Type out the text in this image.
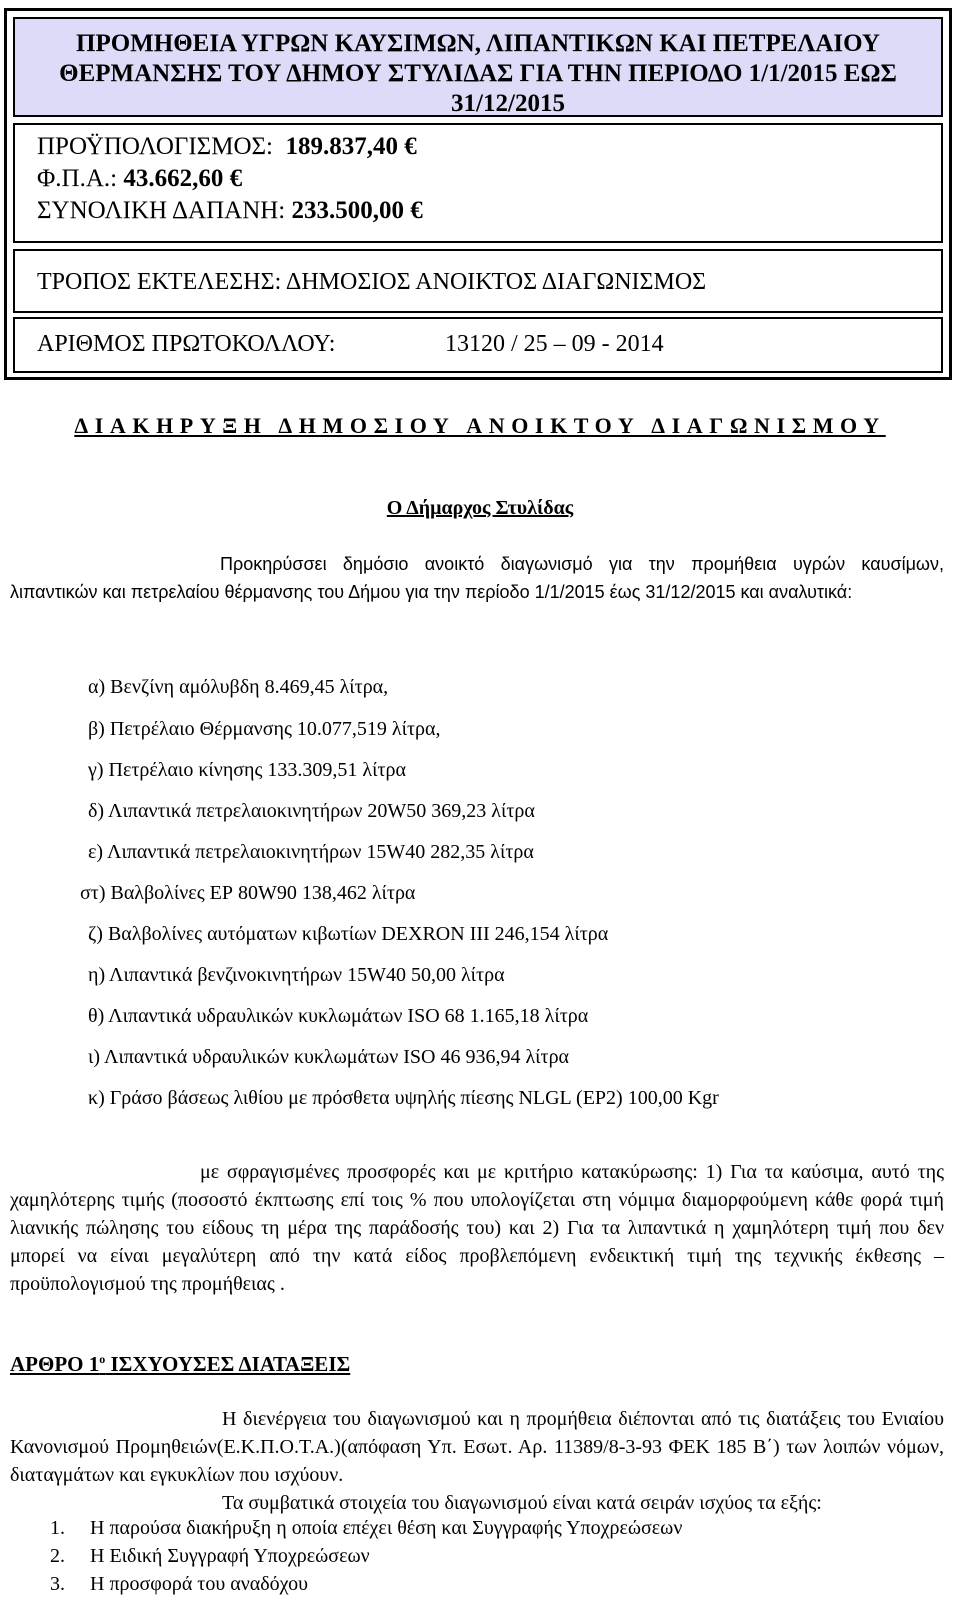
ΠΡΟΜΗΘΕΙΑ ΥΓΡΩΝ ΚΑΥΣΙΜΩΝ, ΛΙΠΑΝΤΙΚΩΝ ΚΑΙ ΠΕΤΡΕΛΑΙΟΥ
ΘΕΡΜΑΝΣΗΣ ΤΟΥ ΔΗΜΟΥ ΣΤΥΛΙΔΑΣ ΓΙΑ ΤΗΝ ΠΕΡΙΟΔΟ 1/1/2015 ΕΩΣ
31/12/2015
ΠΡΟΫΠΟΛΟΓΙΣΜΟΣ: 189.837,40 €
Φ.Π.Α.: 43.662,60 €
ΣΥΝΟΛΙΚΗ ΔΑΠΑΝΗ: 233.500,00 €
ΤΡΟΠΟΣ ΕΚΤΕΛΕΣΗΣ: ΔΗΜΟΣΙΟΣ ΑΝΟΙΚΤΟΣ ΔΙΑΓΩΝΙΣΜΟΣ
ΑΡΙΘΜΟΣ ΠΡΩΤΟΚΟΛΛΟΥ:	13120 / 25 – 09 - 2014
ΔΙΑΚΗΡΥΞΗ ΔΗΜΟΣΙΟΥ ΑΝΟΙΚΤΟΥ ΔΙΑΓΩΝΙΣΜΟΥ
Ο Δήμαρχος Στυλίδας
Προκηρύσσει δημόσιο ανοικτό διαγωνισμό για την προμήθεια υγρών καυσίμων, λιπαντικών και πετρελαίου θέρμανσης του Δήμου για την περίοδο 1/1/2015 έως 31/12/2015 και αναλυτικά:
α) Βενζίνη αμόλυβδη 8.469,45 λίτρα,
β) Πετρέλαιο Θέρμανσης 10.077,519 λίτρα,
γ) Πετρέλαιο κίνησης 133.309,51 λίτρα
δ) Λιπαντικά πετρελαιοκινητήρων 20W50 369,23 λίτρα
ε) Λιπαντικά πετρελαιοκινητήρων 15W40 282,35 λίτρα
στ) Βαλβολίνες ΕΡ 80W90 138,462 λίτρα
ζ) Βαλβολίνες αυτόματων κιβωτίων DEXRON III 246,154 λίτρα
η) Λιπαντικά βενζινοκινητήρων 15W40 50,00 λίτρα
θ) Λιπαντικά υδραυλικών κυκλωμάτων ISO 68 1.165,18 λίτρα
ι) Λιπαντικά υδραυλικών κυκλωμάτων ISO 46 936,94 λίτρα
κ) Γράσο βάσεως λιθίου με πρόσθετα υψηλής πίεσης NLGL (EP2) 100,00 Kgr
με σφραγισμένες προσφορές και με κριτήριο κατακύρωσης: 1) Για τα καύσιμα, αυτό της χαμηλότερης τιμής (ποσοστό έκπτωσης επί τοις % που υπολογίζεται στη νόμιμα διαμορφούμενη κάθε φορά τιμή λιανικής πώλησης του είδους τη μέρα της παράδοσής του) και 2) Για τα λιπαντικά η χαμηλότερη τιμή που δεν μπορεί να είναι μεγαλύτερη από την κατά είδος προβλεπόμενη ενδεικτική τιμή της τεχνικής έκθεσης – προϋπολογισμού της προμήθειας .
ΑΡΘΡΟ $1^o$ ΙΣΧΥΟΥΣΕΣ ΔΙΑΤΑΞΕΙΣ
Η διενέργεια του διαγωνισμού και η προμήθεια διέπονται από τις διατάξεις του Ενιαίου Κανονισμού Προμηθειών(Ε.Κ.Π.Ο.Τ.Α.)(απόφαση Υπ. Εσωτ. Αρ. 11389/8-3-93 ΦΕΚ 185 Β΄) των λοιπών νόμων, διαταγμάτων και εγκυκλίων που ισχύουν.
Τα συμβατικά στοιχεία του διαγωνισμού είναι κατά σειράν ισχύος τα εξής:
1. Η παρούσα διακήρυξη η οποία επέχει θέση και Συγγραφής Υποχρεώσεων
2. Η Ειδική Συγγραφή Υποχρεώσεων
3. Η προσφορά του αναδόχου
